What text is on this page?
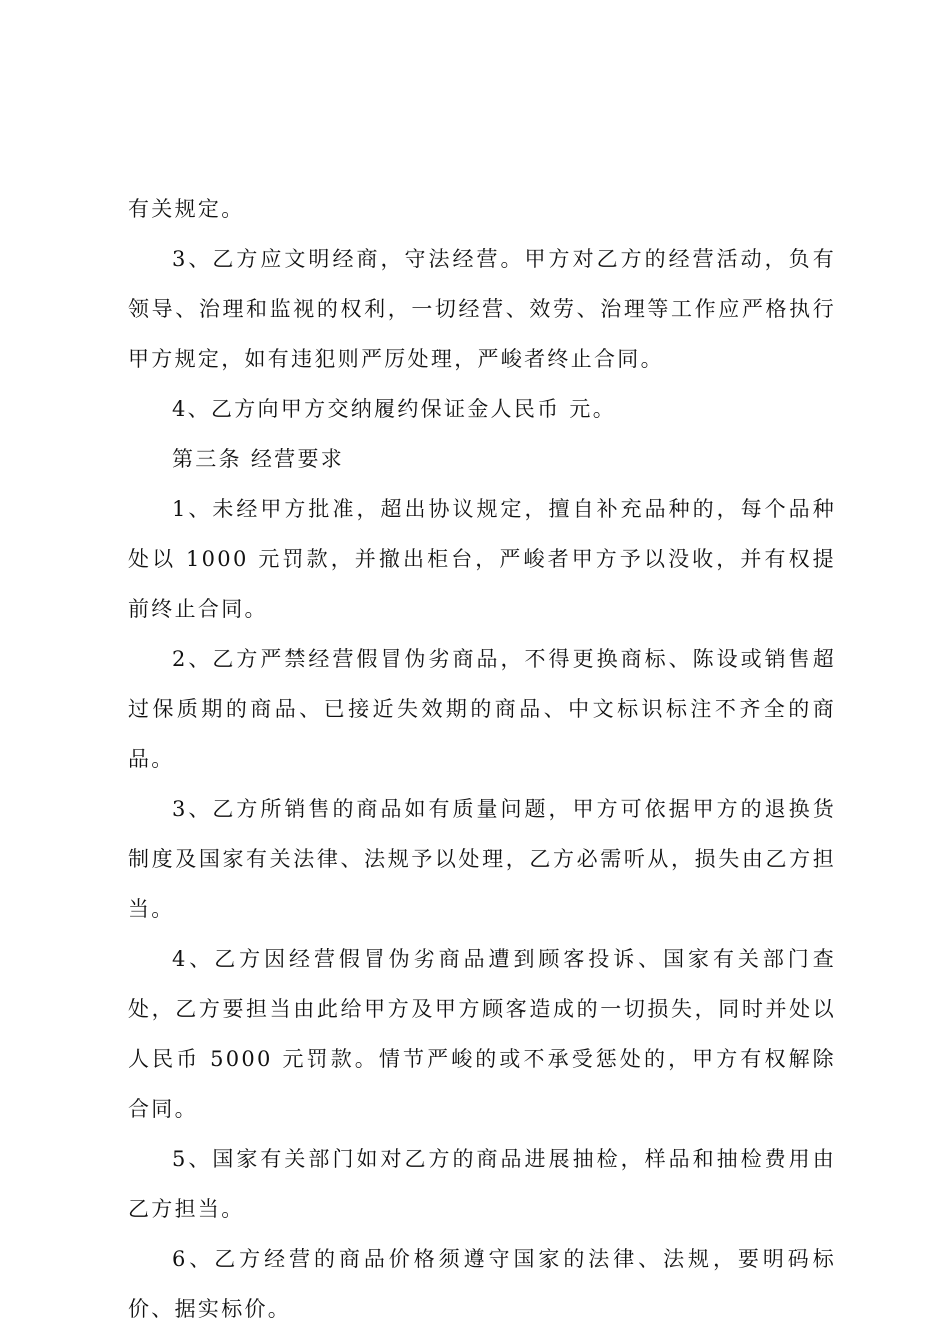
有关规定。

3、乙方应文明经商，守法经营。甲方对乙方的经营活动，负有领导、治理和监视的权利，一切经营、效劳、治理等工作应严格执行甲方规定，如有违犯则严厉处理，严峻者终止合同。

4、乙方向甲方交纳履约保证金人民币 元。

第三条 经营要求

1、未经甲方批准，超出协议规定，擅自补充品种的，每个品种处以 1000 元罚款，并撤出柜台，严峻者甲方予以没收，并有权提前终止合同。

2、乙方严禁经营假冒伪劣商品，不得更换商标、陈设或销售超过保质期的商品、已接近失效期的商品、中文标识标注不齐全的商品。

3、乙方所销售的商品如有质量问题，甲方可依据甲方的退换货制度及国家有关法律、法规予以处理，乙方必需听从，损失由乙方担当。

4、乙方因经营假冒伪劣商品遭到顾客投诉、国家有关部门查处，乙方要担当由此给甲方及甲方顾客造成的一切损失，同时并处以人民币 5000 元罚款。情节严峻的或不承受惩处的，甲方有权解除合同。

5、国家有关部门如对乙方的商品进展抽检，样品和抽检费用由乙方担当。

6、乙方经营的商品价格须遵守国家的法律、法规，要明码标价、据实标价。
